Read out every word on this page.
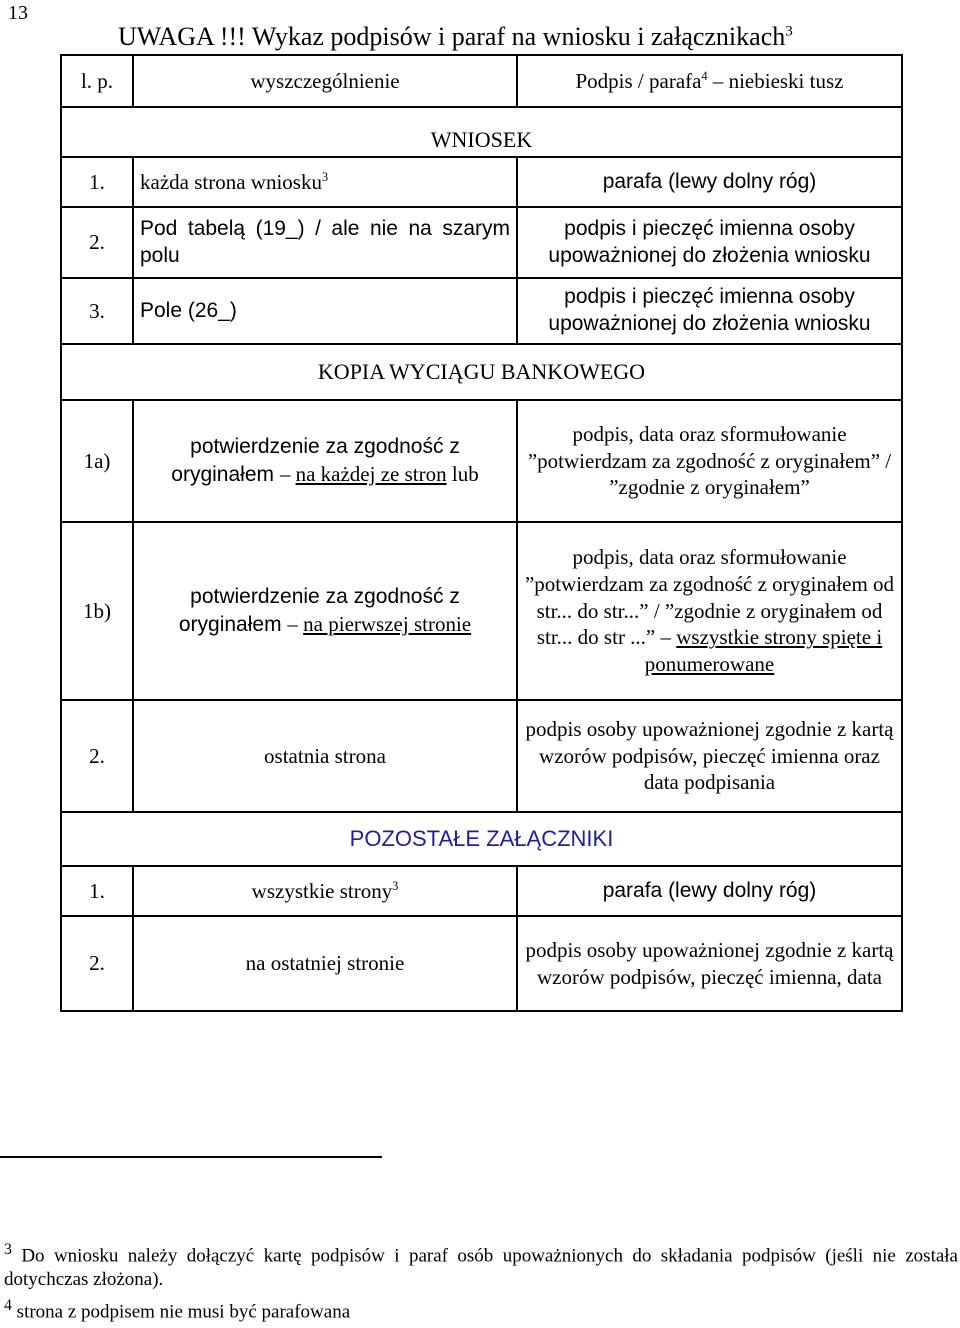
13
UWAGA !!! Wykaz podpisów i paraf na wniosku i załącznikach$^3$
l. p.	wyszczególnienie	Podpis / parafa$^4$ – niebieski tusz
WNIOSEK		
1.	każda strona wniosku$^3$	parafa (lewy dolny róg)
2.	Pod tabelą (19_) / ale nie na szarym polu	podpis i pieczęć imienna osoby upoważnionej do złożenia wniosku
3.	Pole (26_)	podpis i pieczęć imienna osoby upoważnionej do złożenia wniosku
KOPIA WYCIĄGU BANKOWEGO		
1a)	potwierdzenie za zgodność z oryginałem – na każdej ze stron lub	podpis, data oraz sformułowanie ”potwierdzam za zgodność z oryginałem” / ”zgodnie z oryginałem”
1b)	potwierdzenie za zgodność z oryginałem – na pierwszej stronie	podpis, data oraz sformułowanie ”potwierdzam za zgodność z oryginałem od str... do str...” / ”zgodnie z oryginałem od str... do str ...” – wszystkie strony spięte i ponumerowane
2.	ostatnia strona	podpis osoby upoważnionej zgodnie z kartą wzorów podpisów, pieczęć imienna oraz data podpisania
POZOSTAŁE ZAŁĄCZNIKI		
1.	wszystkie strony$^3$	parafa (lewy dolny róg)
2.	na ostatniej stronie	podpis osoby upoważnionej zgodnie z kartą wzorów podpisów, pieczęć imienna, data

$^3$ Do wniosku należy dołączyć kartę podpisów i paraf osób upoważnionych do składania podpisów (jeśli nie została dotychczas złożona).

$^4$ strona z podpisem nie musi być parafowana
